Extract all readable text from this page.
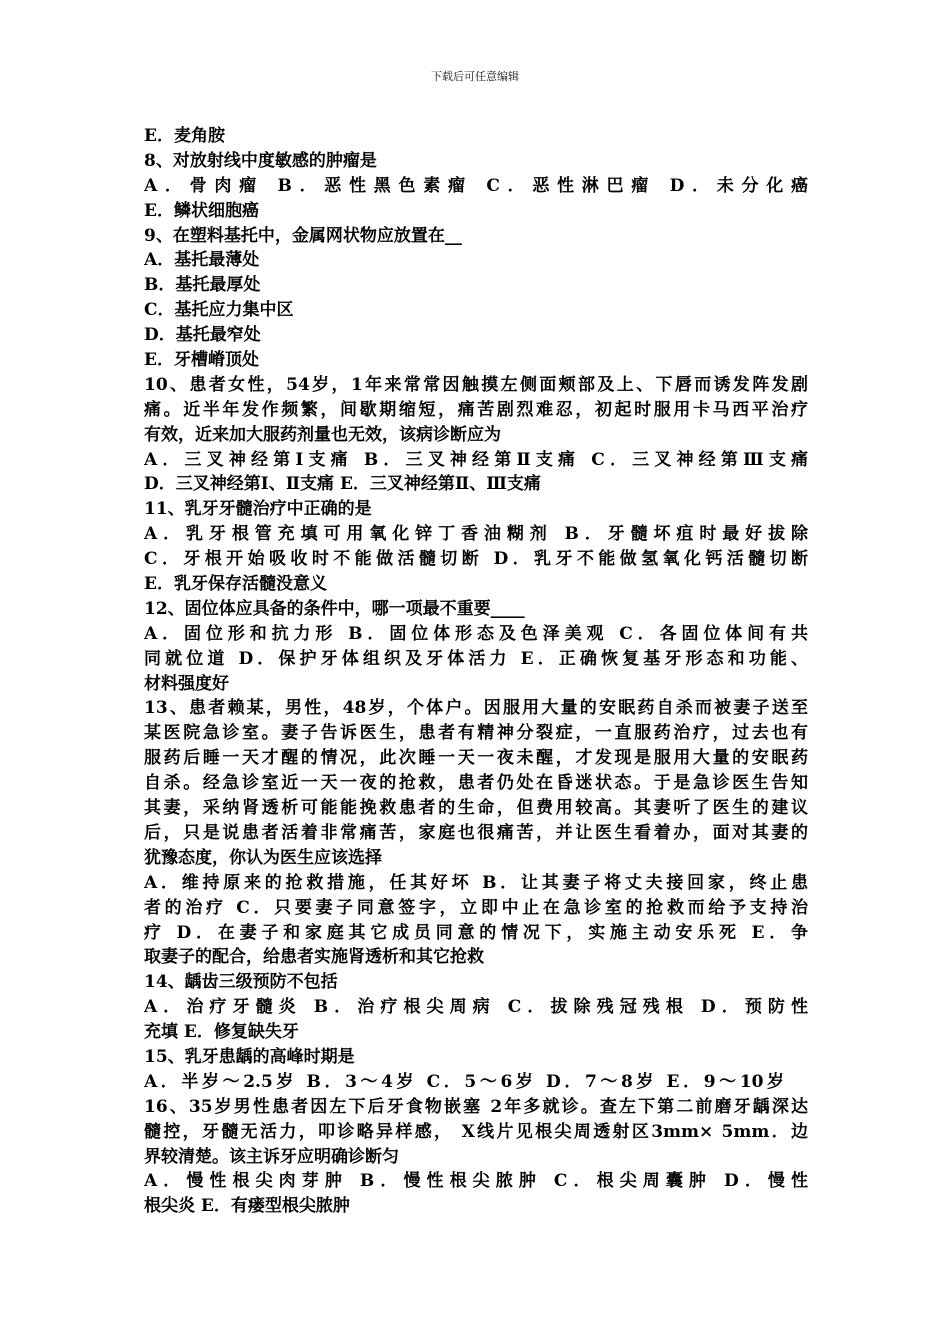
下载后可任意编辑
E．麦角胺
8、对放射线中度敏感的肿瘤是
A．骨肉瘤 B．恶性黑色素瘤 C．恶性淋巴瘤 D．未分化癌
E．鳞状细胞癌
9、在塑料基托中，金属网状物应放置在__
A．基托最薄处
B．基托最厚处
C．基托应力集中区
D．基托最窄处
E．牙槽嵴顶处
10、患者女性，54岁，1年来常常因触摸左侧面颊部及上、下唇而诱发阵发剧
痛。近半年发作频繁，间歇期缩短，痛苦剧烈难忍，初起时服用卡马西平治疗
有效，近来加大服药剂量也无效，该病诊断应为
A．三叉神经第Ⅰ支痛 B．三叉神经第Ⅱ支痛 C．三叉神经第Ⅲ支痛
D．三叉神经第Ⅰ、Ⅱ支痛 E．三叉神经第Ⅱ、Ⅲ支痛
11、乳牙牙髓治疗中正确的是
A．乳牙根管充填可用氧化锌丁香油糊剂 B．牙髓坏疽时最好拔除
C．牙根开始吸收时不能做活髓切断 D．乳牙不能做氢氧化钙活髓切断
E．乳牙保存活髓没意义
12、固位体应具备的条件中，哪一项最不重要____
A．固位形和抗力形 B．固位体形态及色泽美观 C．各固位体间有共
同就位道 D．保护牙体组织及牙体活力 E．正确恢复基牙形态和功能、
材料强度好
13、患者赖某，男性，48岁，个体户。因服用大量的安眠药自杀而被妻子送至
某医院急诊室。妻子告诉医生，患者有精神分裂症，一直服药治疗，过去也有
服药后睡一天才醒的情况，此次睡一天一夜未醒，才发现是服用大量的安眠药
自杀。经急诊室近一天一夜的抢救，患者仍处在昏迷状态。于是急诊医生告知
其妻，采纳肾透析可能能挽救患者的生命，但费用较高。其妻听了医生的建议
后，只是说患者活着非常痛苦，家庭也很痛苦，并让医生看着办，面对其妻的
犹豫态度，你认为医生应该选择
A．维持原来的抢救措施，任其好坏 B．让其妻子将丈夫接回家，终止患
者的治疗 C．只要妻子同意签字，立即中止在急诊室的抢救而给予支持治
疗 D．在妻子和家庭其它成员同意的情况下，实施主动安乐死 E．争
取妻子的配合，给患者实施肾透析和其它抢救
14、龋齿三级预防不包括
A．治疗牙髓炎 B．治疗根尖周病 C．拔除残冠残根 D．预防性
充填 E．修复缺失牙
15、乳牙患龋的高峰时期是
A．半岁～2.5岁 B．3～4岁 C．5～6岁 D．7～8岁 E．9～10岁
16、35岁男性患者因左下后牙食物嵌塞 2年多就诊。查左下第二前磨牙龋深达
髓控，牙髓无活力，叩诊略异样感， X线片见根尖周透射区3mm× 5mm．边
界较清楚。该主诉牙应明确诊断匀
A．慢性根尖肉芽肿 B．慢性根尖脓肿 C．根尖周囊肿 D．慢性
根尖炎 E．有瘘型根尖脓肿
